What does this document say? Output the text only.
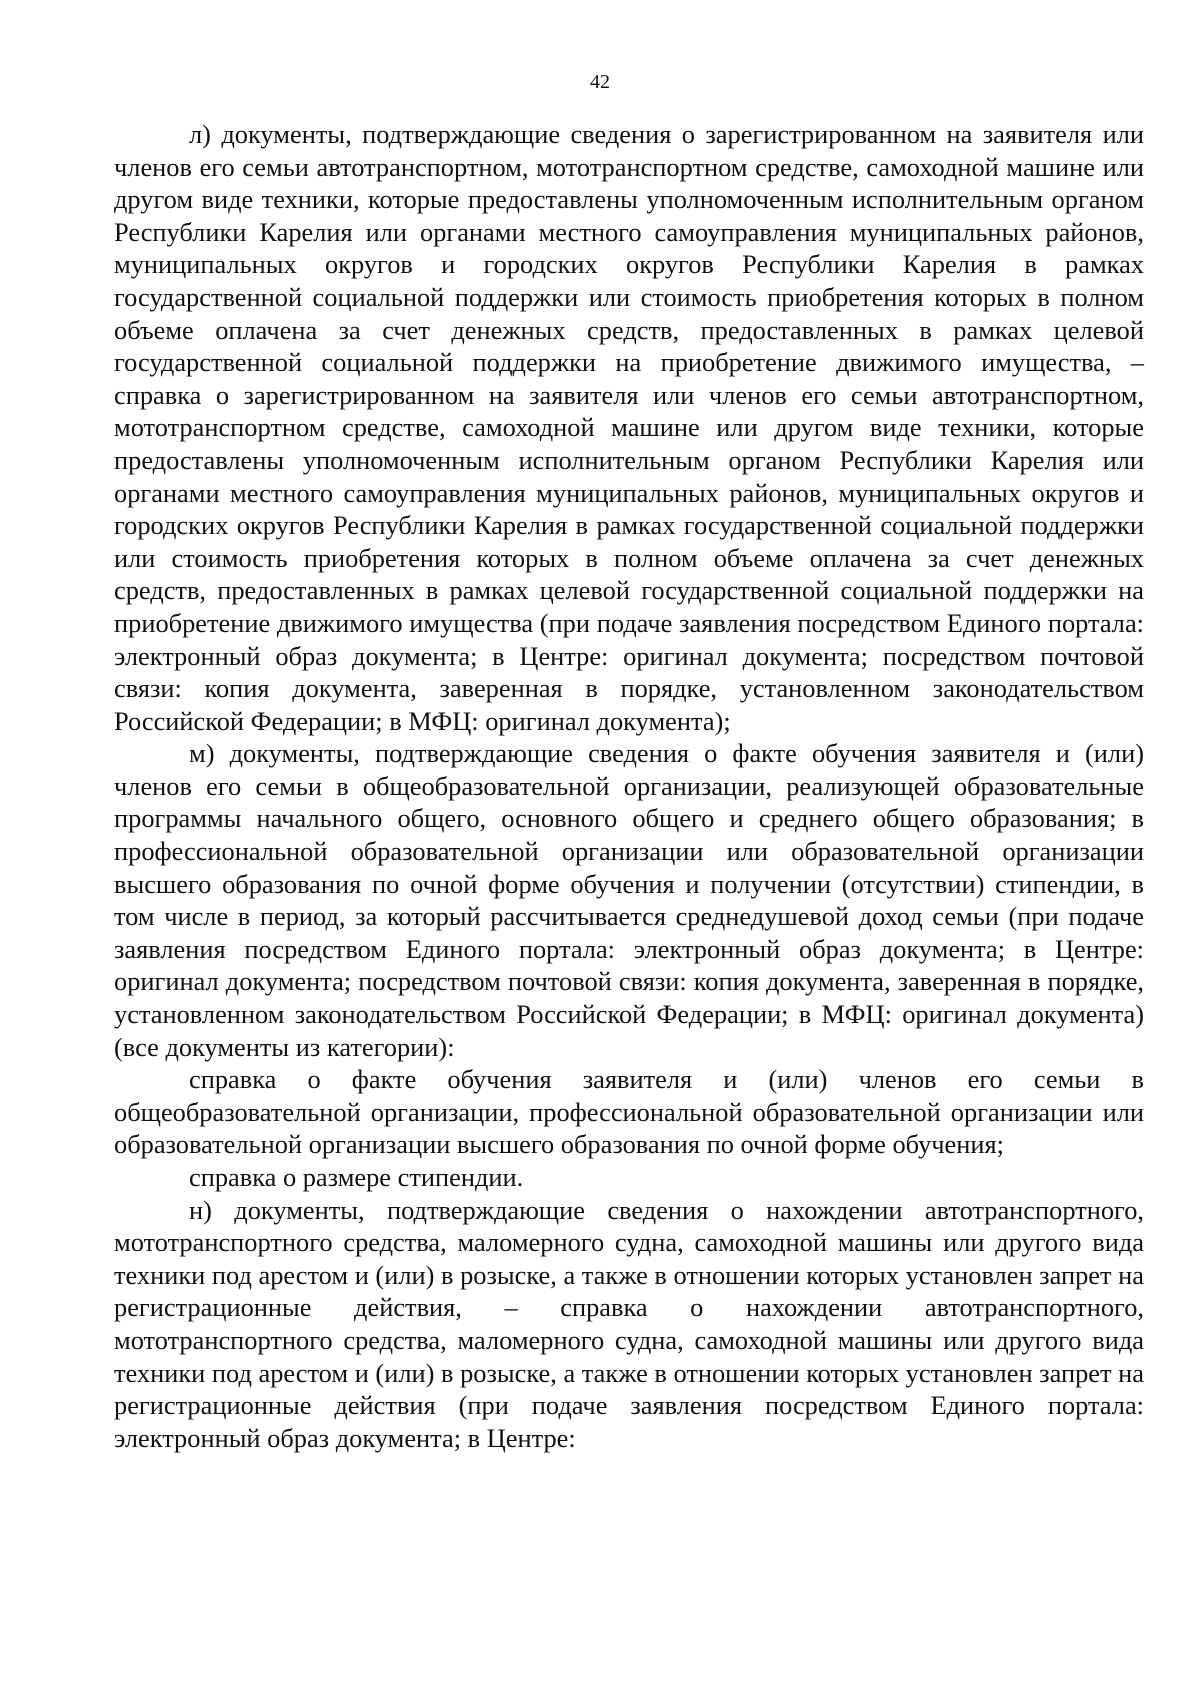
42

л) документы, подтверждающие сведения о зарегистрированном на заявителя или членов его семьи автотранспортном, мототранспортном средстве, самоходной машине или другом виде техники, которые предоставлены уполномоченным исполнительным органом Республики Карелия или органами местного самоуправления муниципальных районов, муниципальных округов и городских округов Республики Карелия в рамках государственной социальной поддержки или стоимость приобретения которых в полном объеме оплачена за счет денежных средств, предоставленных в рамках целевой государственной социальной поддержки на приобретение движимого имущества, – справка о зарегистрированном на заявителя или членов его семьи автотранспортном, мототранспортном средстве, самоходной машине или другом виде техники, которые предоставлены уполномоченным исполнительным органом Республики Карелия или органами местного самоуправления муниципальных районов, муниципальных округов и городских округов Республики Карелия в рамках государственной социальной поддержки или стоимость приобретения которых в полном объеме оплачена за счет денежных средств, предоставленных в рамках целевой государственной социальной поддержки на приобретение движимого имущества (при подаче заявления посредством Единого портала: электронный образ документа; в Центре: оригинал документа; посредством почтовой связи: копия документа, заверенная в порядке, установленном законодательством Российской Федерации; в МФЦ: оригинал документа);

м) документы, подтверждающие сведения о факте обучения заявителя и (или) членов его семьи в общеобразовательной организации, реализующей образовательные программы начального общего, основного общего и среднего общего образования; в профессиональной образовательной организации или образовательной организации высшего образования по очной форме обучения и получении (отсутствии) стипендии, в том числе в период, за который рассчитывается среднедушевой доход семьи (при подаче заявления посредством Единого портала: электронный образ документа; в Центре: оригинал документа; посредством почтовой связи: копия документа, заверенная в порядке, установленном законодательством Российской Федерации; в МФЦ: оригинал документа) (все документы из категории):

справка о факте обучения заявителя и (или) членов его семьи в общеобразовательной организации, профессиональной образовательной организации или образовательной организации высшего образования по очной форме обучения;

справка о размере стипендии.

н) документы, подтверждающие сведения о нахождении автотранспортного, мототранспортного средства, маломерного судна, самоходной машины или другого вида техники под арестом и (или) в розыске, а также в отношении которых установлен запрет на регистрационные действия, – справка о нахождении автотранспортного, мототранспортного средства, маломерного судна, самоходной машины или другого вида техники под арестом и (или) в розыске, а также в отношении которых установлен запрет на регистрационные действия (при подаче заявления посредством Единого портала: электронный образ документа; в Центре:
